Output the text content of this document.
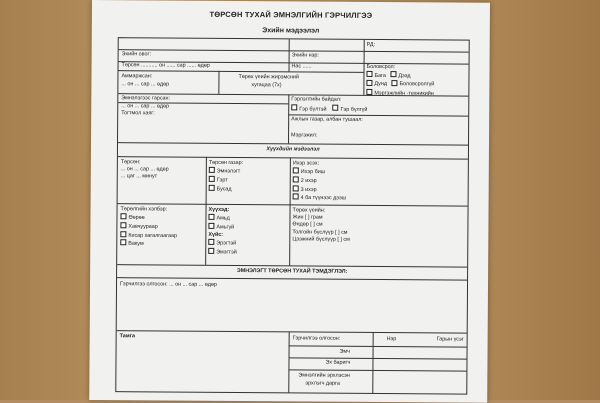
ТӨРСӨН ТУХАЙ ЭМНЭЛГИЙН ГЭРЧИЛГЭЭ
Эхийн мэдээлэл
РД:
Эхийн овог:	Эхийн нэр:
Төрсөн ........... он ...... сар ...... өдөр	Нас ......	Боловсрол:
Бага Дээд
Дунд Боловсролгүй
Мэргэжлийн -техникийн
Аммаржсан:
... он ... сар ... өдөр
Төрөх үеийн жирэмсний
хугацаа (7х)
Эмнэлэгээс гарсан:
... он ... сар ... өдөр
Тогтмол хаяг:
Гэрлэлтийн байдал:
Гэр бүлтэй	Гэр бүлгүй
Ажлын газар, албан тушаал:
Мэргэжил:
Хүүхдийн мэдээлэл
Төрсөн:
... он ... сар ... өдөр
... цаг ... минут
Төрсөн газар:
Эмнэлэгт
Гэрт
Бусад
Ихэр эсэх:
Ихэр биш
2 ихэр
3 ихэр
4 ба түүнээс дээш
Төрөлгийн хэлбэр:
Өөрөө
Хавчуураар
Кесар хагалгаагаар
Вакум
Хүүхэд:
Амьд
Амьгүй
Хүйс:
Эрэгтэй
Эмэгтэй
Төрөх үеийн:
Жин [ ] грам
Өндөр [ ] см
Толгойн бүслүүр [ ] см
Цээжний бүслүүр [ ] см
ЭМНЭЛЭГТ ТӨРСӨН ТУХАЙ ТЭМДЭГЛЭЛ:
Гэрчилгээ олгосон: ... он ... сар ... өдөр
Тамга	Гэрчилгээ олгосон:	Нэр	Гарын үсэг
Эмч
Эх баригч
Эмнэлгийн эрхлэсэн
эрхлэгч дарга
